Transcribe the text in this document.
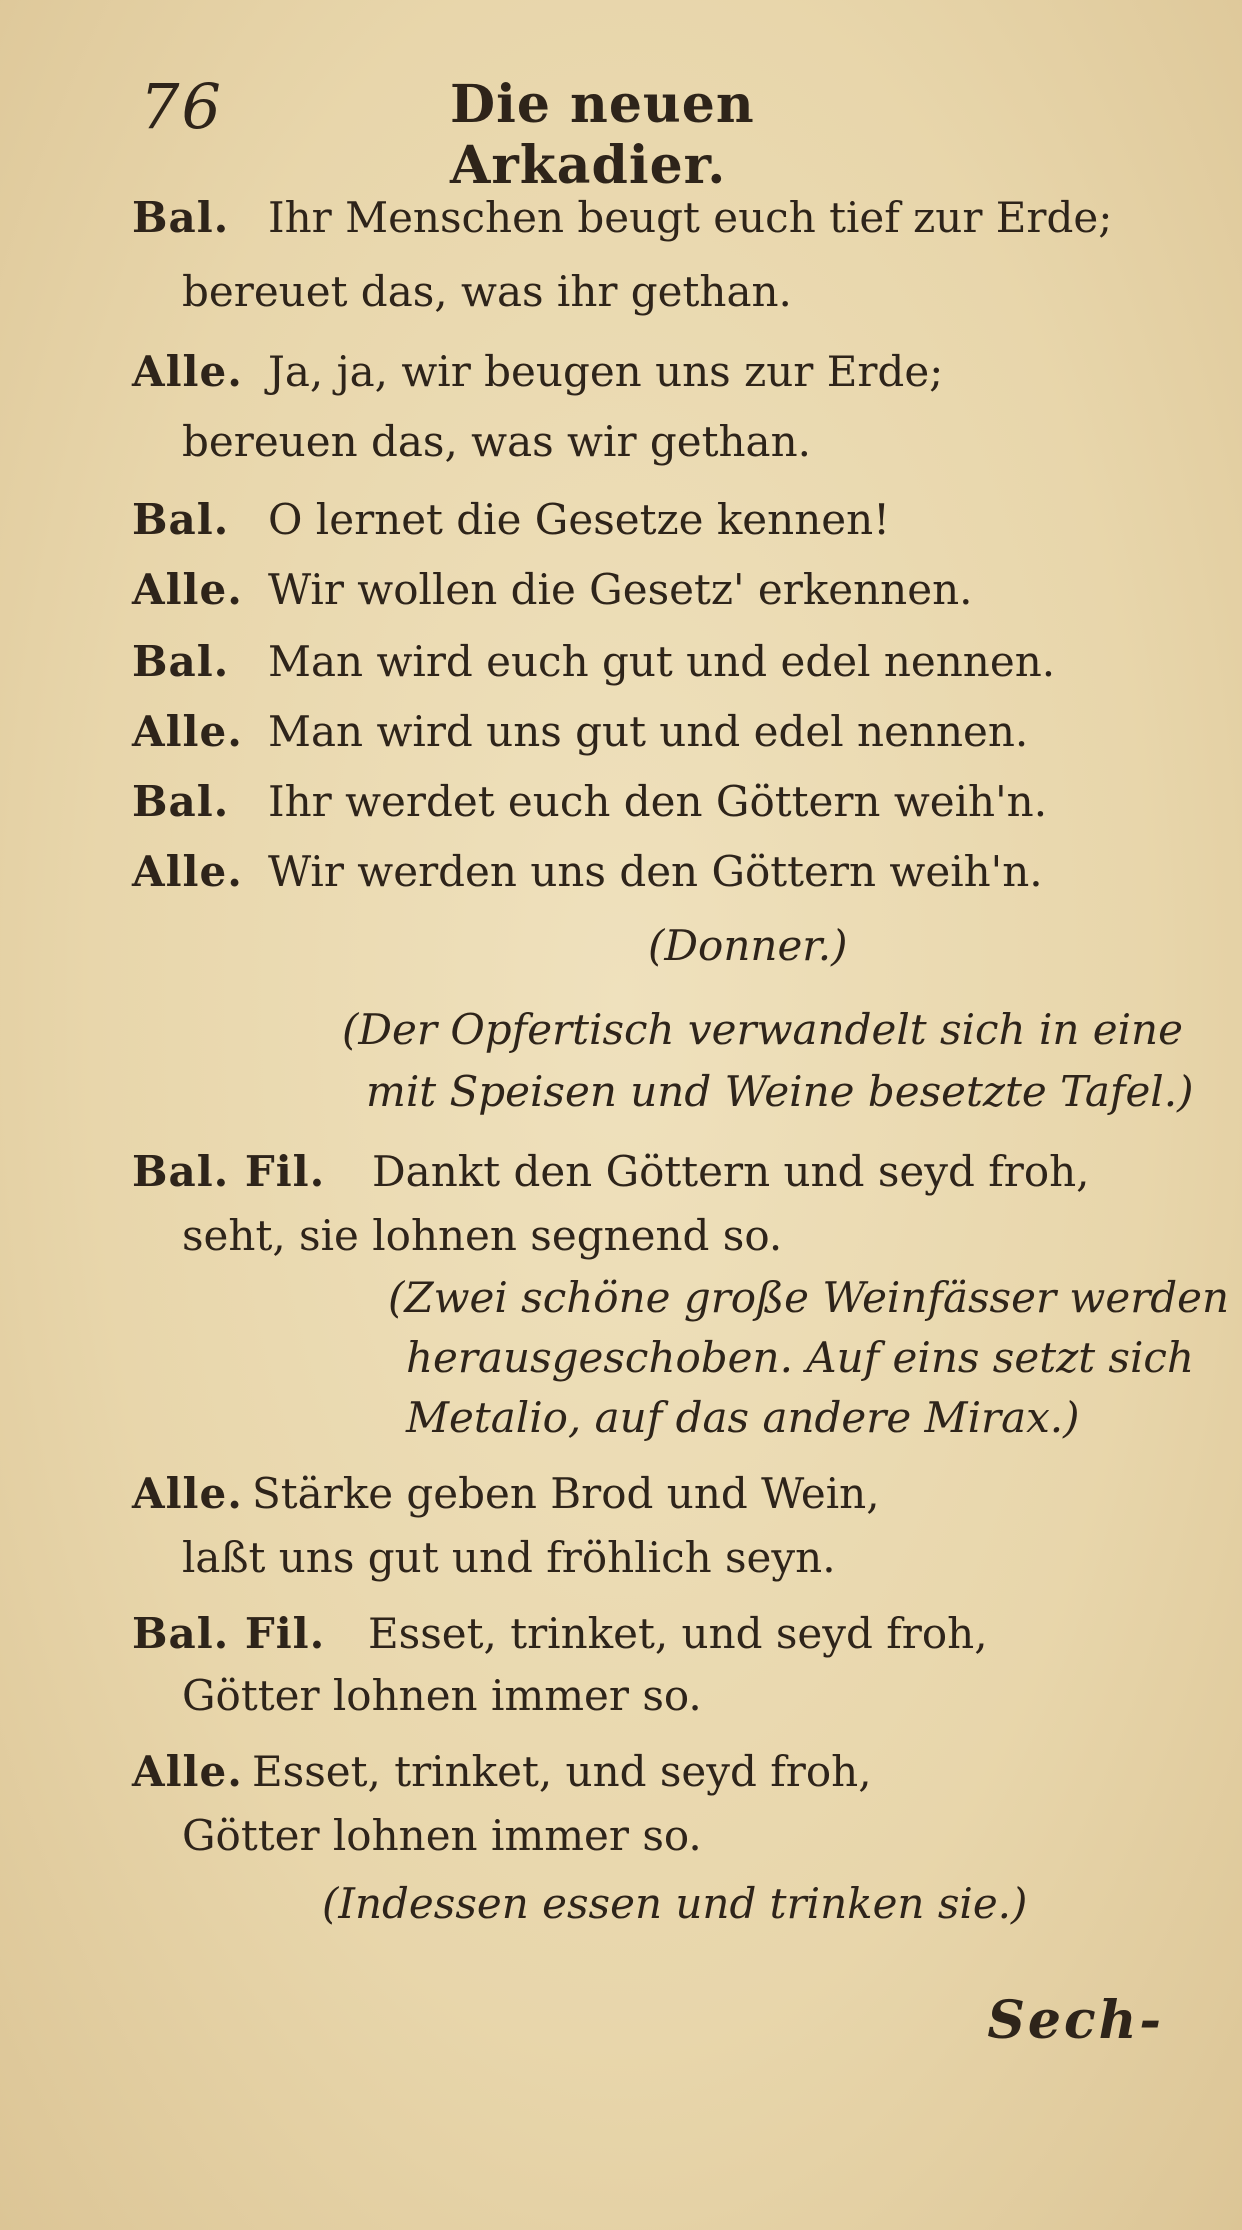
76	Die neuen Arkadier.
Bal. Ihr Menschen beugt euch tief zur Erde;
bereuet das, was ihr gethan.
Alle. Ja, ja, wir beugen uns zur Erde;
bereuen das, was wir gethan.
Bal. O lernet die Gesetze kennen!
Alle. Wir wollen die Gesetz' erkennen.
Bal. Man wird euch gut und edel nennen.
Alle. Man wird uns gut und edel nennen.
Bal. Ihr werdet euch den Göttern weih'n.
Alle. Wir werden uns den Göttern weih'n.
(Donner.)
(Der Opfertisch verwandelt sich in eine
mit Speisen und Weine besetzte Tafel.)
Bal. Fil. Dankt den Göttern und seyd froh,
seht, sie lohnen segnend so.
(Zwei schöne große Weinfässer werden
herausgeschoben. Auf eins setzt sich
Metalio, auf das andere Mirax.)
Alle. Stärke geben Brod und Wein,
laßt uns gut und fröhlich seyn.
Bal. Fil. Esset, trinket, und seyd froh,
Götter lohnen immer so.
Alle. Esset, trinket, und seyd froh,
Götter lohnen immer so.
(Indessen essen und trinken sie.)
Sech-
